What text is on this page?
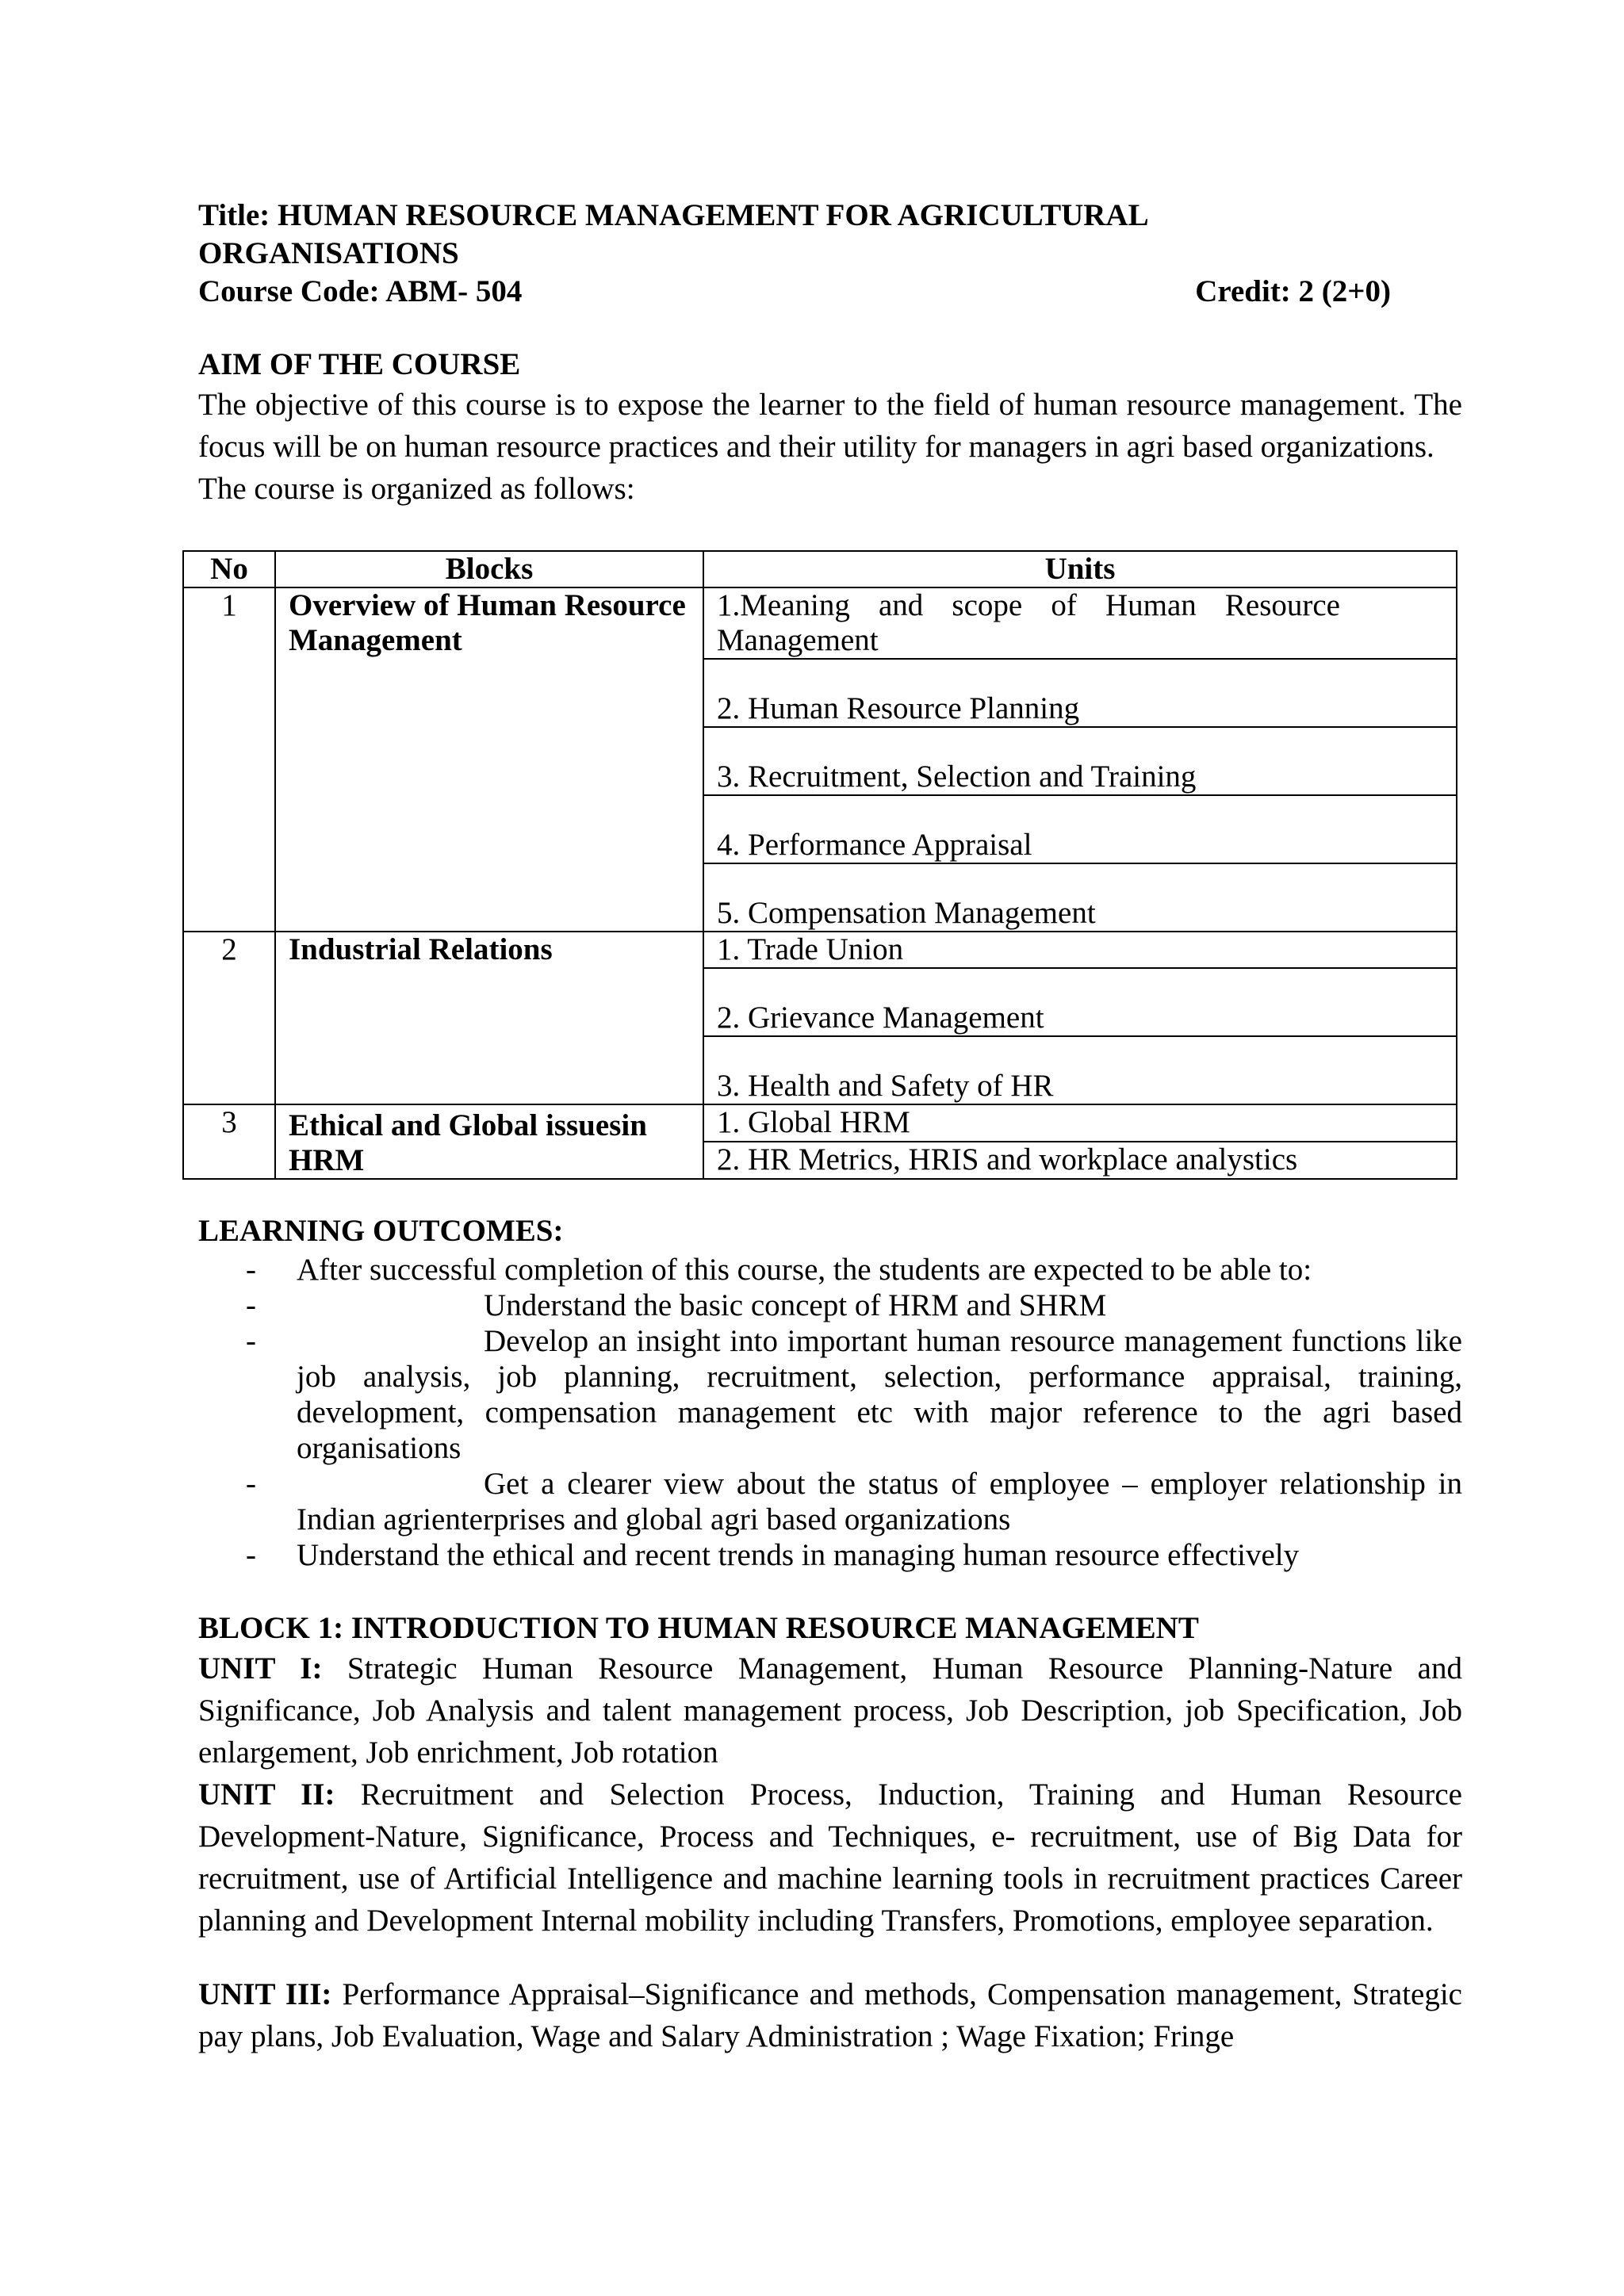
Title: HUMAN RESOURCE MANAGEMENT FOR AGRICULTURAL
ORGANISATIONS
Course Code: ABM- 504	Credit: 2 (2+0)
AIM OF THE COURSE

The objective of this course is to expose the learner to the field of human resource management. The focus will be on human resource practices and their utility for managers in agri based organizations.

The course is organized as follows:

No	Blocks	Units
1	Overview of Human Resource Management	1.Meaning and scope of Human Resource Management

		2. Human Resource Planning

		3. Recruitment, Selection and Training

		4. Performance Appraisal

		5. Compensation Management

2	Industrial Relations	1. Trade Union

		2. Grievance Management

		3. Health and Safety of HR

3	Ethical and Global issuesin HRM	1. Global HRM

		2. HR Metrics, HRIS and workplace analystics
LEARNING OUTCOMES:
- After successful completion of this course, the students are expected to be able to:
-	Understand the basic concept of HRM and SHRM
-	Develop an insight into important human resource management functions like job analysis, job planning, recruitment, selection, performance appraisal, training, development, compensation management etc with major reference to the agri based organisations
-	Get a clearer view about the status of employee – employer relationship in Indian agrienterprises and global agri based organizations
- Understand the ethical and recent trends in managing human resource effectively
BLOCK 1: INTRODUCTION TO HUMAN RESOURCE MANAGEMENT

UNIT I: Strategic Human Resource Management, Human Resource Planning-Nature and Significance, Job Analysis and talent management process, Job Description, job Specification, Job enlargement, Job enrichment, Job rotation

UNIT II: Recruitment and Selection Process, Induction, Training and Human Resource Development-Nature, Significance, Process and Techniques, e- recruitment, use of Big Data for recruitment, use of Artificial Intelligence and machine learning tools in recruitment practices Career planning and Development Internal mobility including Transfers, Promotions, employee separation.

UNIT III: Performance Appraisal–Significance and methods, Compensation management, Strategic pay plans, Job Evaluation, Wage and Salary Administration ; Wage Fixation; Fringe
